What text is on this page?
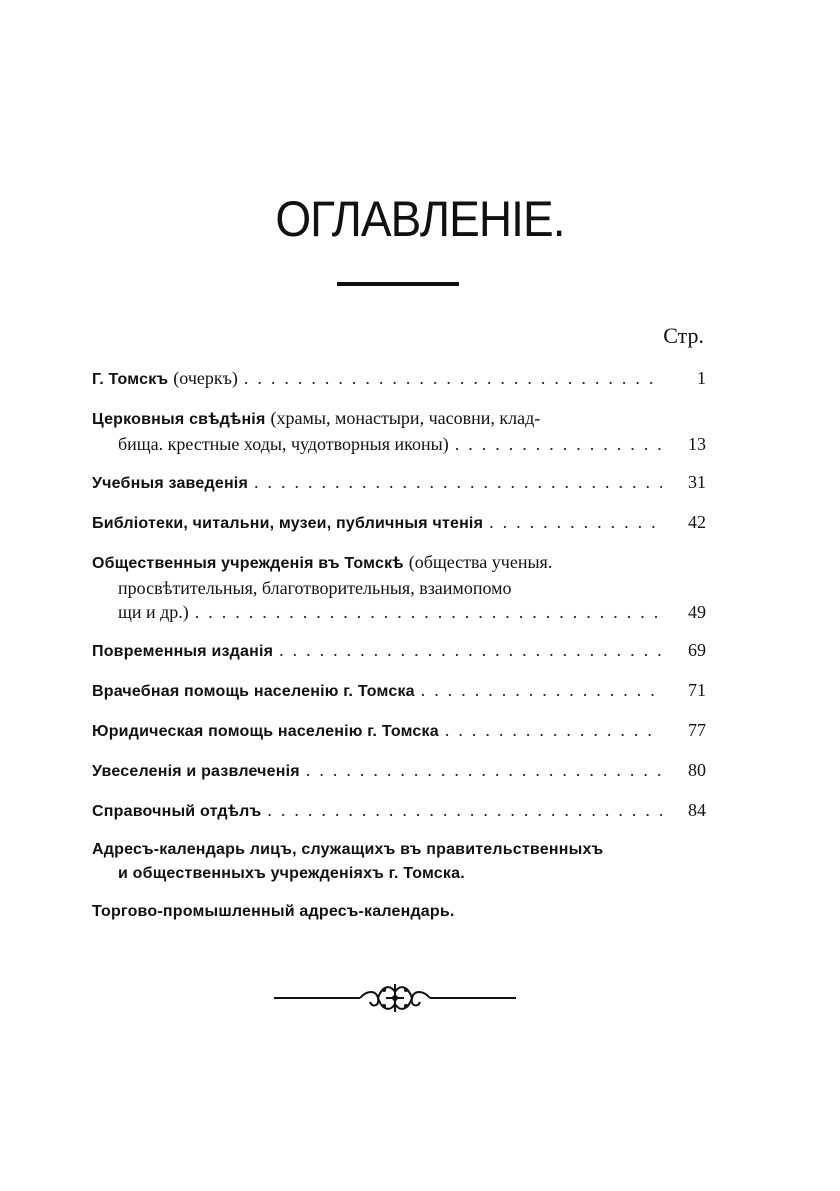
ОГЛАВЛЕНІЕ.
Стр.
Г. Томскъ (очеркъ) .....	1
Церковныя свѣдѣнія (храмы, монастыри, часовни, клад-
бища. крестные ходы, чудотворныя иконы) .....	13
Учебныя заведенія .....	31
Библіотеки, читальни, музеи, публичныя чтенія .....	42
Общественныя учрежденія въ Томскѣ (общества ученыя.
просвѣтительныя, благотворительныя, взаимопомо
щи и др.) .....	49
Повременныя изданія .....	69
Врачебная помощь населенію г. Томска .....	71
Юридическая помощь населенію г. Томска .....	77
Увеселенія и развлеченія .....	80
Справочный отдѣлъ .....	84
Адресъ-календарь лицъ, служащихъ въ правительственныхъ
и общественныхъ учрежденіяхъ г. Томска.
Торгово-промышленный адресъ-календарь.
